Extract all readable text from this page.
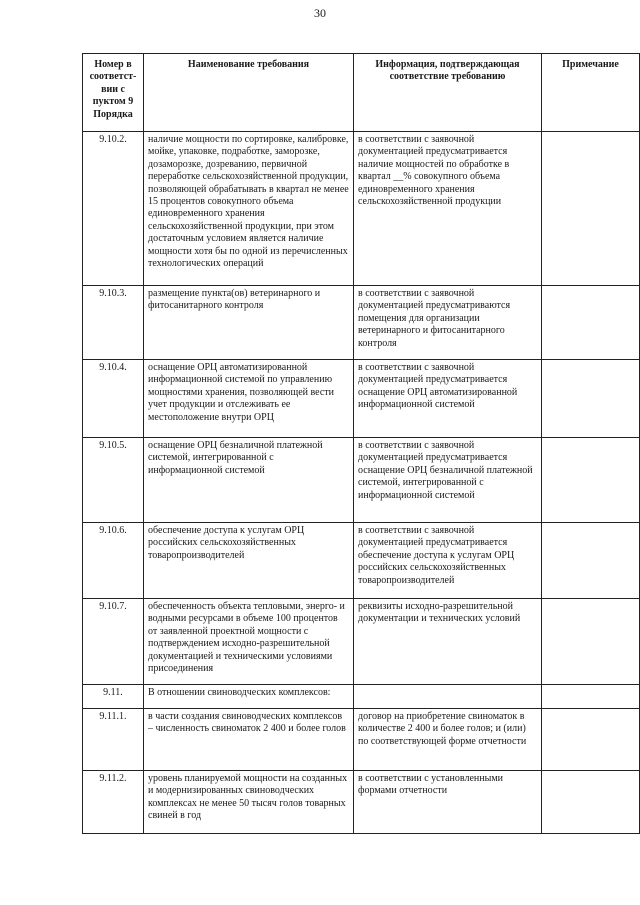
30
Номер в соответст-вии с пуктом 9 Порядка	Наименование требования	Информация, подтверждающая соответствие требованию	Примечание
9.10.2.	наличие мощности по сортировке, калибровке, мойке, упаковке, подработке, заморозке, дозаморозке, дозреванию, первичной переработке сельскохозяйственной продукции, позволяющей обрабатывать в квартал не менее 15 процентов совокупного объема единовременного хранения сельскохозяйственной продукции, при этом достаточным условием является наличие мощности хотя бы по одной из перечисленных технологических операций	в соответствии с заявочной документацией предусматривается наличие мощностей по обработке в квартал __% совокупного объема единовременного хранения сельскохозяйственной продукции	
9.10.3.	размещение пункта(ов) ветеринарного и фитосанитарного контроля	в соответствии с заявочной документацией предусматриваются помещения для организации ветеринарного и фитосанитарного контроля	
9.10.4.	оснащение ОРЦ автоматизированной информационной системой по управлению мощностями хранения, позволяющей вести учет продукции и отслеживать ее местоположение внутри ОРЦ	в соответствии с заявочной документацией предусматривается оснащение ОРЦ автоматизированной информационной системой	
9.10.5.	оснащение ОРЦ безналичной платежной системой, интегрированной с информационной системой	в соответствии с заявочной документацией предусматривается оснащение ОРЦ безналичной платежной системой, интегрированной с информационной системой	
9.10.6.	обеспечение доступа к услугам ОРЦ российских сельскохозяйственных товаропроизводителей	в соответствии с заявочной документацией предусматривается обеспечение доступа к услугам ОРЦ российских сельскохозяйственных товаропроизводителей	
9.10.7.	обеспеченность объекта тепловыми, энерго- и водными ресурсами в объеме 100 процентов от заявленной проектной мощности с подтверждением исходно-разрешительной документацией и техническими условиями присоединения	реквизиты исходно-разрешительной документации и технических условий	
9.11.	В отношении свиноводческих комплексов:		
9.11.1.	в части создания свиноводческих комплексов – численность свиноматок 2 400 и более голов	договор на приобретение свиноматок в количестве 2 400 и более голов; и (или) по соответствующей форме отчетности	
9.11.2.	уровень планируемой мощности на созданных и модернизированных свиноводческих комплексах не менее 50 тысяч голов товарных свиней в год	в соответствии с установленными формами отчетности	
